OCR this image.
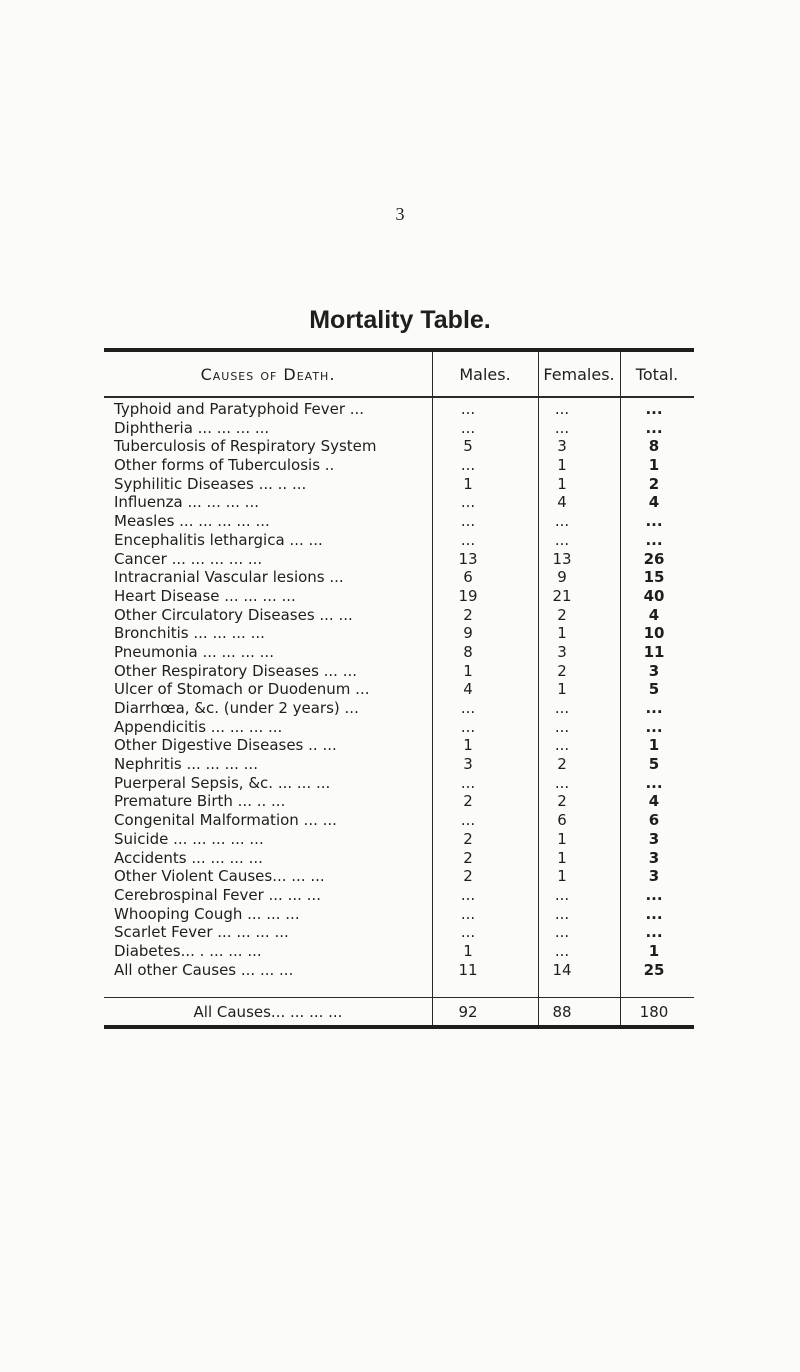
3
Mortality Table.
Causes of Death.	Males.	Females.	Total.
Typhoid and Paratyphoid Fever ...	...	...	...
Diphtheria ... ... ... ...	...	...	...
Tuberculosis of Respiratory System	5	3	8
Other forms of Tuberculosis ..	...	1	1
Syphilitic Diseases ... .. ...	1	1	2
Influenza ... ... ... ...	...	4	4
Measles ... ... ... ... ...	...	...	...
Encephalitis lethargica ... ...	...	...	...
Cancer ... ... ... ... ...	13	13	26
Intracranial Vascular lesions ...	6	9	15
Heart Disease ... ... ... ...	19	21	40
Other Circulatory Diseases ... ...	2	2	4
Bronchitis ... ... ... ...	9	1	10
Pneumonia ... ... ... ...	8	3	11
Other Respiratory Diseases ... ...	1	2	3
Ulcer of Stomach or Duodenum ...	4	1	5
Diarrhœa, &c. (under 2 years) ...	...	...	...
Appendicitis ... ... ... ...	...	...	...
Other Digestive Diseases .. ...	1	...	1
Nephritis ... ... ... ...	3	2	5
Puerperal Sepsis, &c. ... ... ...	...	...	...
Premature Birth ... .. ...	2	2	4
Congenital Malformation ... ...	...	6	6
Suicide ... ... ... ... ...	2	1	3
Accidents ... ... ... ...	2	1	3
Other Violent Causes... ... ...	2	1	3
Cerebrospinal Fever ... ... ...	...	...	...
Whooping Cough ... ... ...	...	...	...
Scarlet Fever ... ... ... ...	...	...	...
Diabetes... . ... ... ...	1	...	1
All other Causes ... ... ...	11	14	25
All Causes... ... ... ...	92	88	180
